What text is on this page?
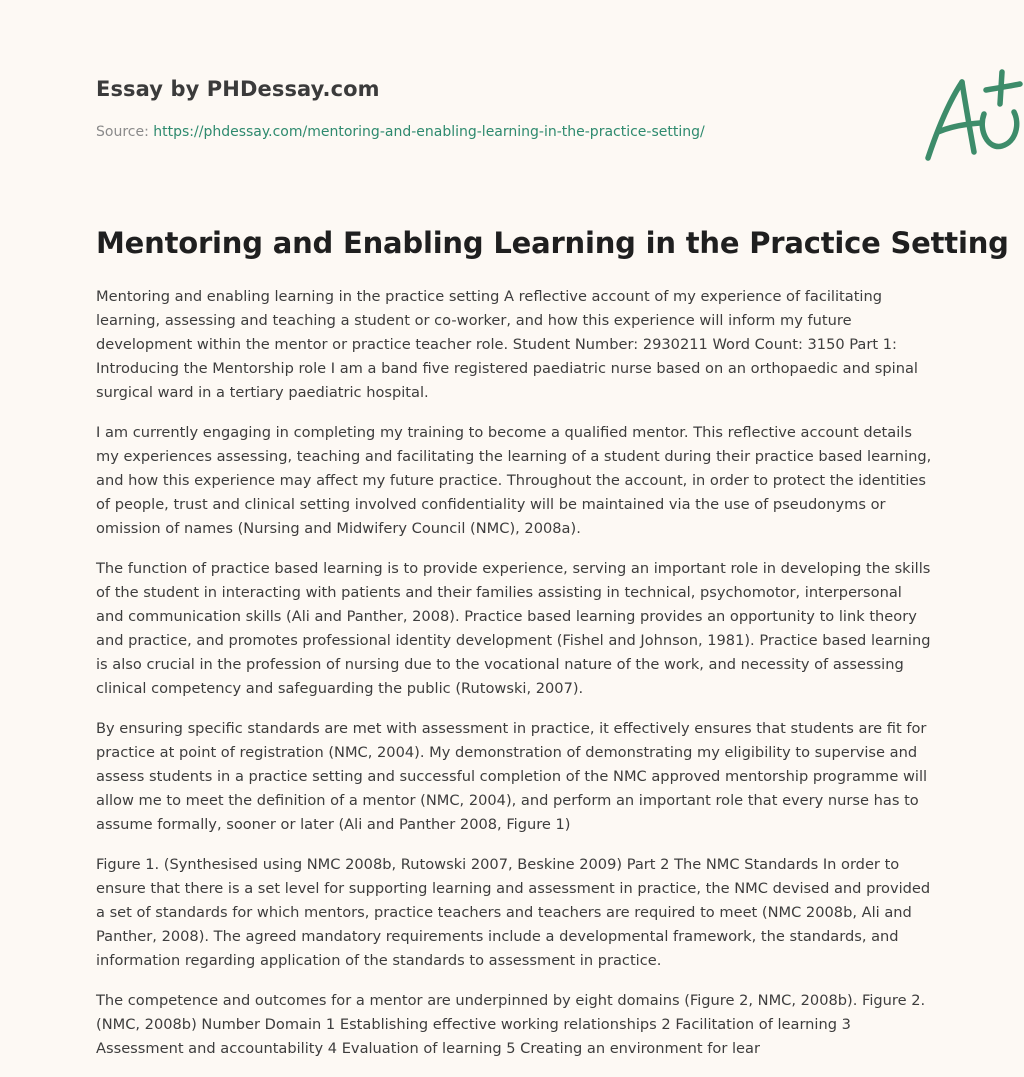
Essay by PHDessay.com
Source: https://phdessay.com/mentoring-and-enabling-learning-in-the-practice-setting/
Mentoring and Enabling Learning in the Practice Setting

Mentoring and enabling learning in the practice setting A reflective account of my experience of facilitating learning, assessing and teaching a student or co-worker, and how this experience will inform my future development within the mentor or practice teacher role. Student Number: 2930211 Word Count: 3150 Part 1: Introducing the Mentorship role I am a band five registered paediatric nurse based on an orthopaedic and spinal surgical ward in a tertiary paediatric hospital.

I am currently engaging in completing my training to become a qualified mentor. This reflective account details my experiences assessing, teaching and facilitating the learning of a student during their practice based learning, and how this experience may affect my future practice. Throughout the account, in order to protect the identities of people, trust and clinical setting involved confidentiality will be maintained via the use of pseudonyms or omission of names (Nursing and Midwifery Council (NMC), 2008a).

The function of practice based learning is to provide experience, serving an important role in developing the skills of the student in interacting with patients and their families assisting in technical, psychomotor, interpersonal and communication skills (Ali and Panther, 2008). Practice based learning provides an opportunity to link theory and practice, and promotes professional identity development (Fishel and Johnson, 1981). Practice based learning is also crucial in the profession of nursing due to the vocational nature of the work, and necessity of assessing clinical competency and safeguarding the public (Rutowski, 2007).

By ensuring specific standards are met with assessment in practice, it effectively ensures that students are fit for practice at point of registration (NMC, 2004). My demonstration of demonstrating my eligibility to supervise and assess students in a practice setting and successful completion of the NMC approved mentorship programme will allow me to meet the definition of a mentor (NMC, 2004), and perform an important role that every nurse has to assume formally, sooner or later (Ali and Panther 2008, Figure 1)

Figure 1. (Synthesised using NMC 2008b, Rutowski 2007, Beskine 2009) Part 2 The NMC Standards In order to ensure that there is a set level for supporting learning and assessment in practice, the NMC devised and provided a set of standards for which mentors, practice teachers and teachers are required to meet (NMC 2008b, Ali and Panther, 2008). The agreed mandatory requirements include a developmental framework, the standards, and information regarding application of the standards to assessment in practice.

The competence and outcomes for a mentor are underpinned by eight domains (Figure 2, NMC, 2008b). Figure 2. (NMC, 2008b) Number Domain 1 Establishing effective working relationships 2 Facilitation of learning 3 Assessment and accountability 4 Evaluation of learning 5 Creating an environment for lear
